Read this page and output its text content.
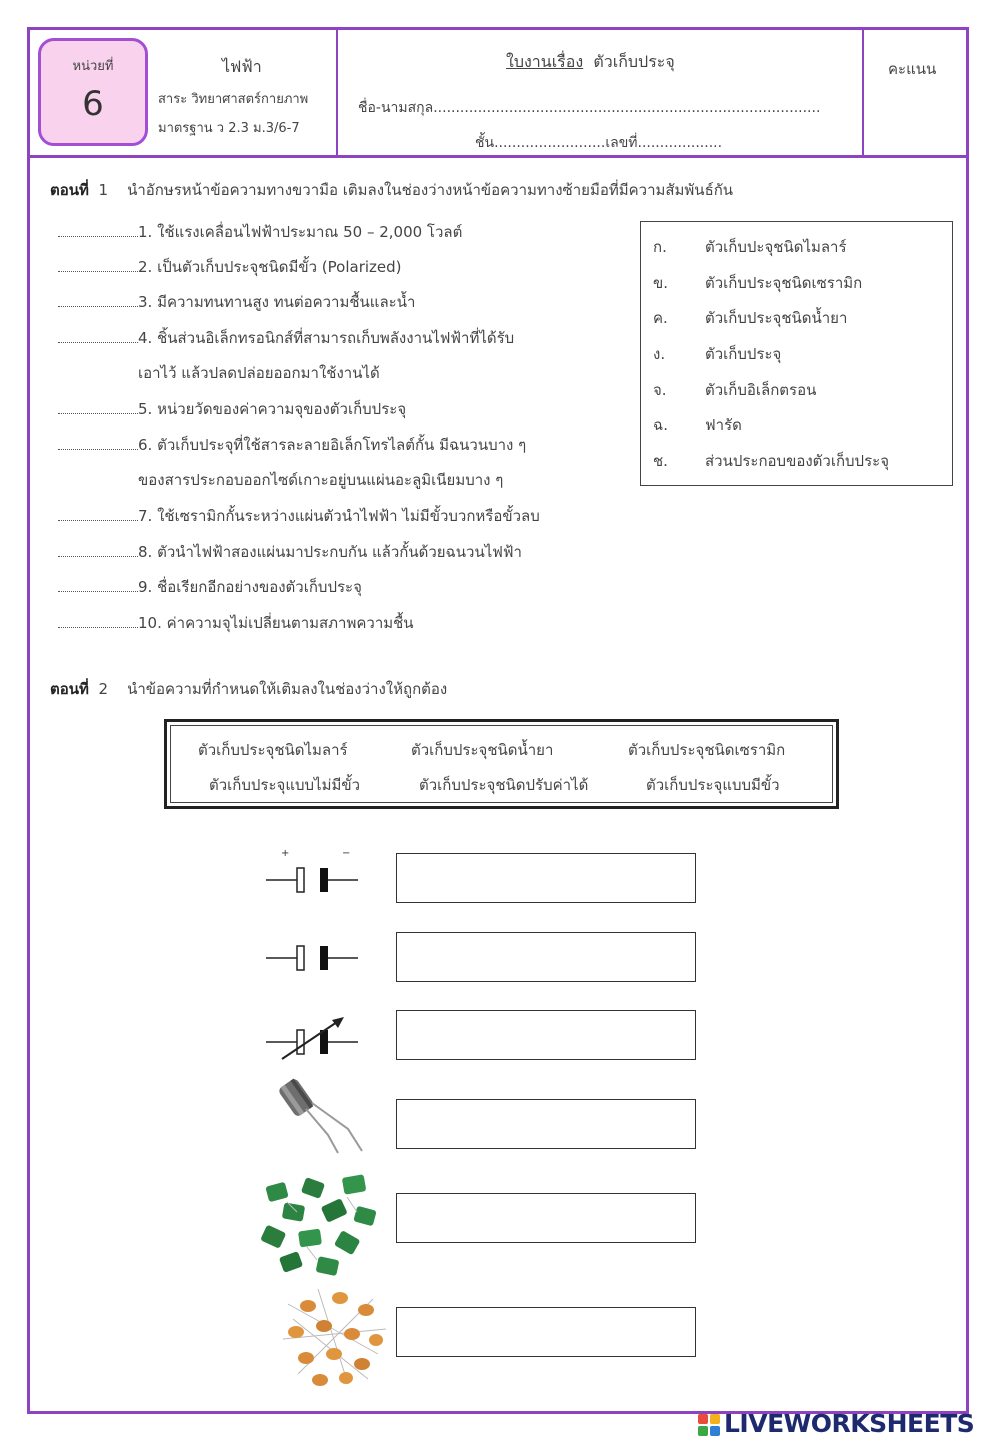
หน่วยที่
6
ไฟฟ้า
สาระ วิทยาศาสตร์กายภาพ
มาตรฐาน ว 2.3 ม.3/6-7
ใบงานเรื่อง ตัวเก็บประจุ
ชื่อ-นามสกุล.......................................................................................
ชั้น.........................เลขที่...................
คะแนน
ตอนที่ 1 นำอักษรหน้าข้อความทางขวามือ เติมลงในช่องว่างหน้าข้อความทางซ้ายมือที่มีความสัมพันธ์กัน
1. ใช้แรงเคลื่อนไฟฟ้าประมาณ 50 – 2,000 โวลต์
2. เป็นตัวเก็บประจุชนิดมีขั้ว (Polarized)
3. มีความทนทานสูง ทนต่อความชื้นและน้ำ
4. ชิ้นส่วนอิเล็กทรอนิกส์ที่สามารถเก็บพลังงานไฟฟ้าที่ได้รับ
เอาไว้ แล้วปลดปล่อยออกมาใช้งานได้
5. หน่วยวัดของค่าความจุของตัวเก็บประจุ
6. ตัวเก็บประจุที่ใช้สารละลายอิเล็กโทรไลต์กั้น มีฉนวนบาง ๆ
ของสารประกอบออกไซด์เกาะอยู่บนแผ่นอะลูมิเนียมบาง ๆ
7. ใช้เซรามิกกั้นระหว่างแผ่นตัวนำไฟฟ้า ไม่มีขั้วบวกหรือขั้วลบ
8. ตัวนำไฟฟ้าสองแผ่นมาประกบกัน แล้วกั้นด้วยฉนวนไฟฟ้า
9. ชื่อเรียกอีกอย่างของตัวเก็บประจุ
10. ค่าความจุไม่เปลี่ยนตามสภาพความชื้น
ก.	ตัวเก็บปะจุชนิดไมลาร์
ข. ตัวเก็บประจุชนิดเซรามิก
ค. ตัวเก็บประจุชนิดน้ำยา
ง.	ตัวเก็บประจุ
จ.	ตัวเก็บอิเล็กตรอน
ฉ. ฟารัด
ช. ส่วนประกอบของตัวเก็บประจุ
ตอนที่ 2 นำข้อความที่กำหนดให้เติมลงในช่องว่างให้ถูกต้อง
ตัวเก็บประจุชนิดไมลาร์	ตัวเก็บประจุชนิดน้ำยา	ตัวเก็บประจุชนิดเซรามิก
ตัวเก็บประจุแบบไม่มีขั้ว	ตัวเก็บประจุชนิดปรับค่าได้	ตัวเก็บประจุแบบมีขั้ว
+	−
LIVEWORKSHEETS
